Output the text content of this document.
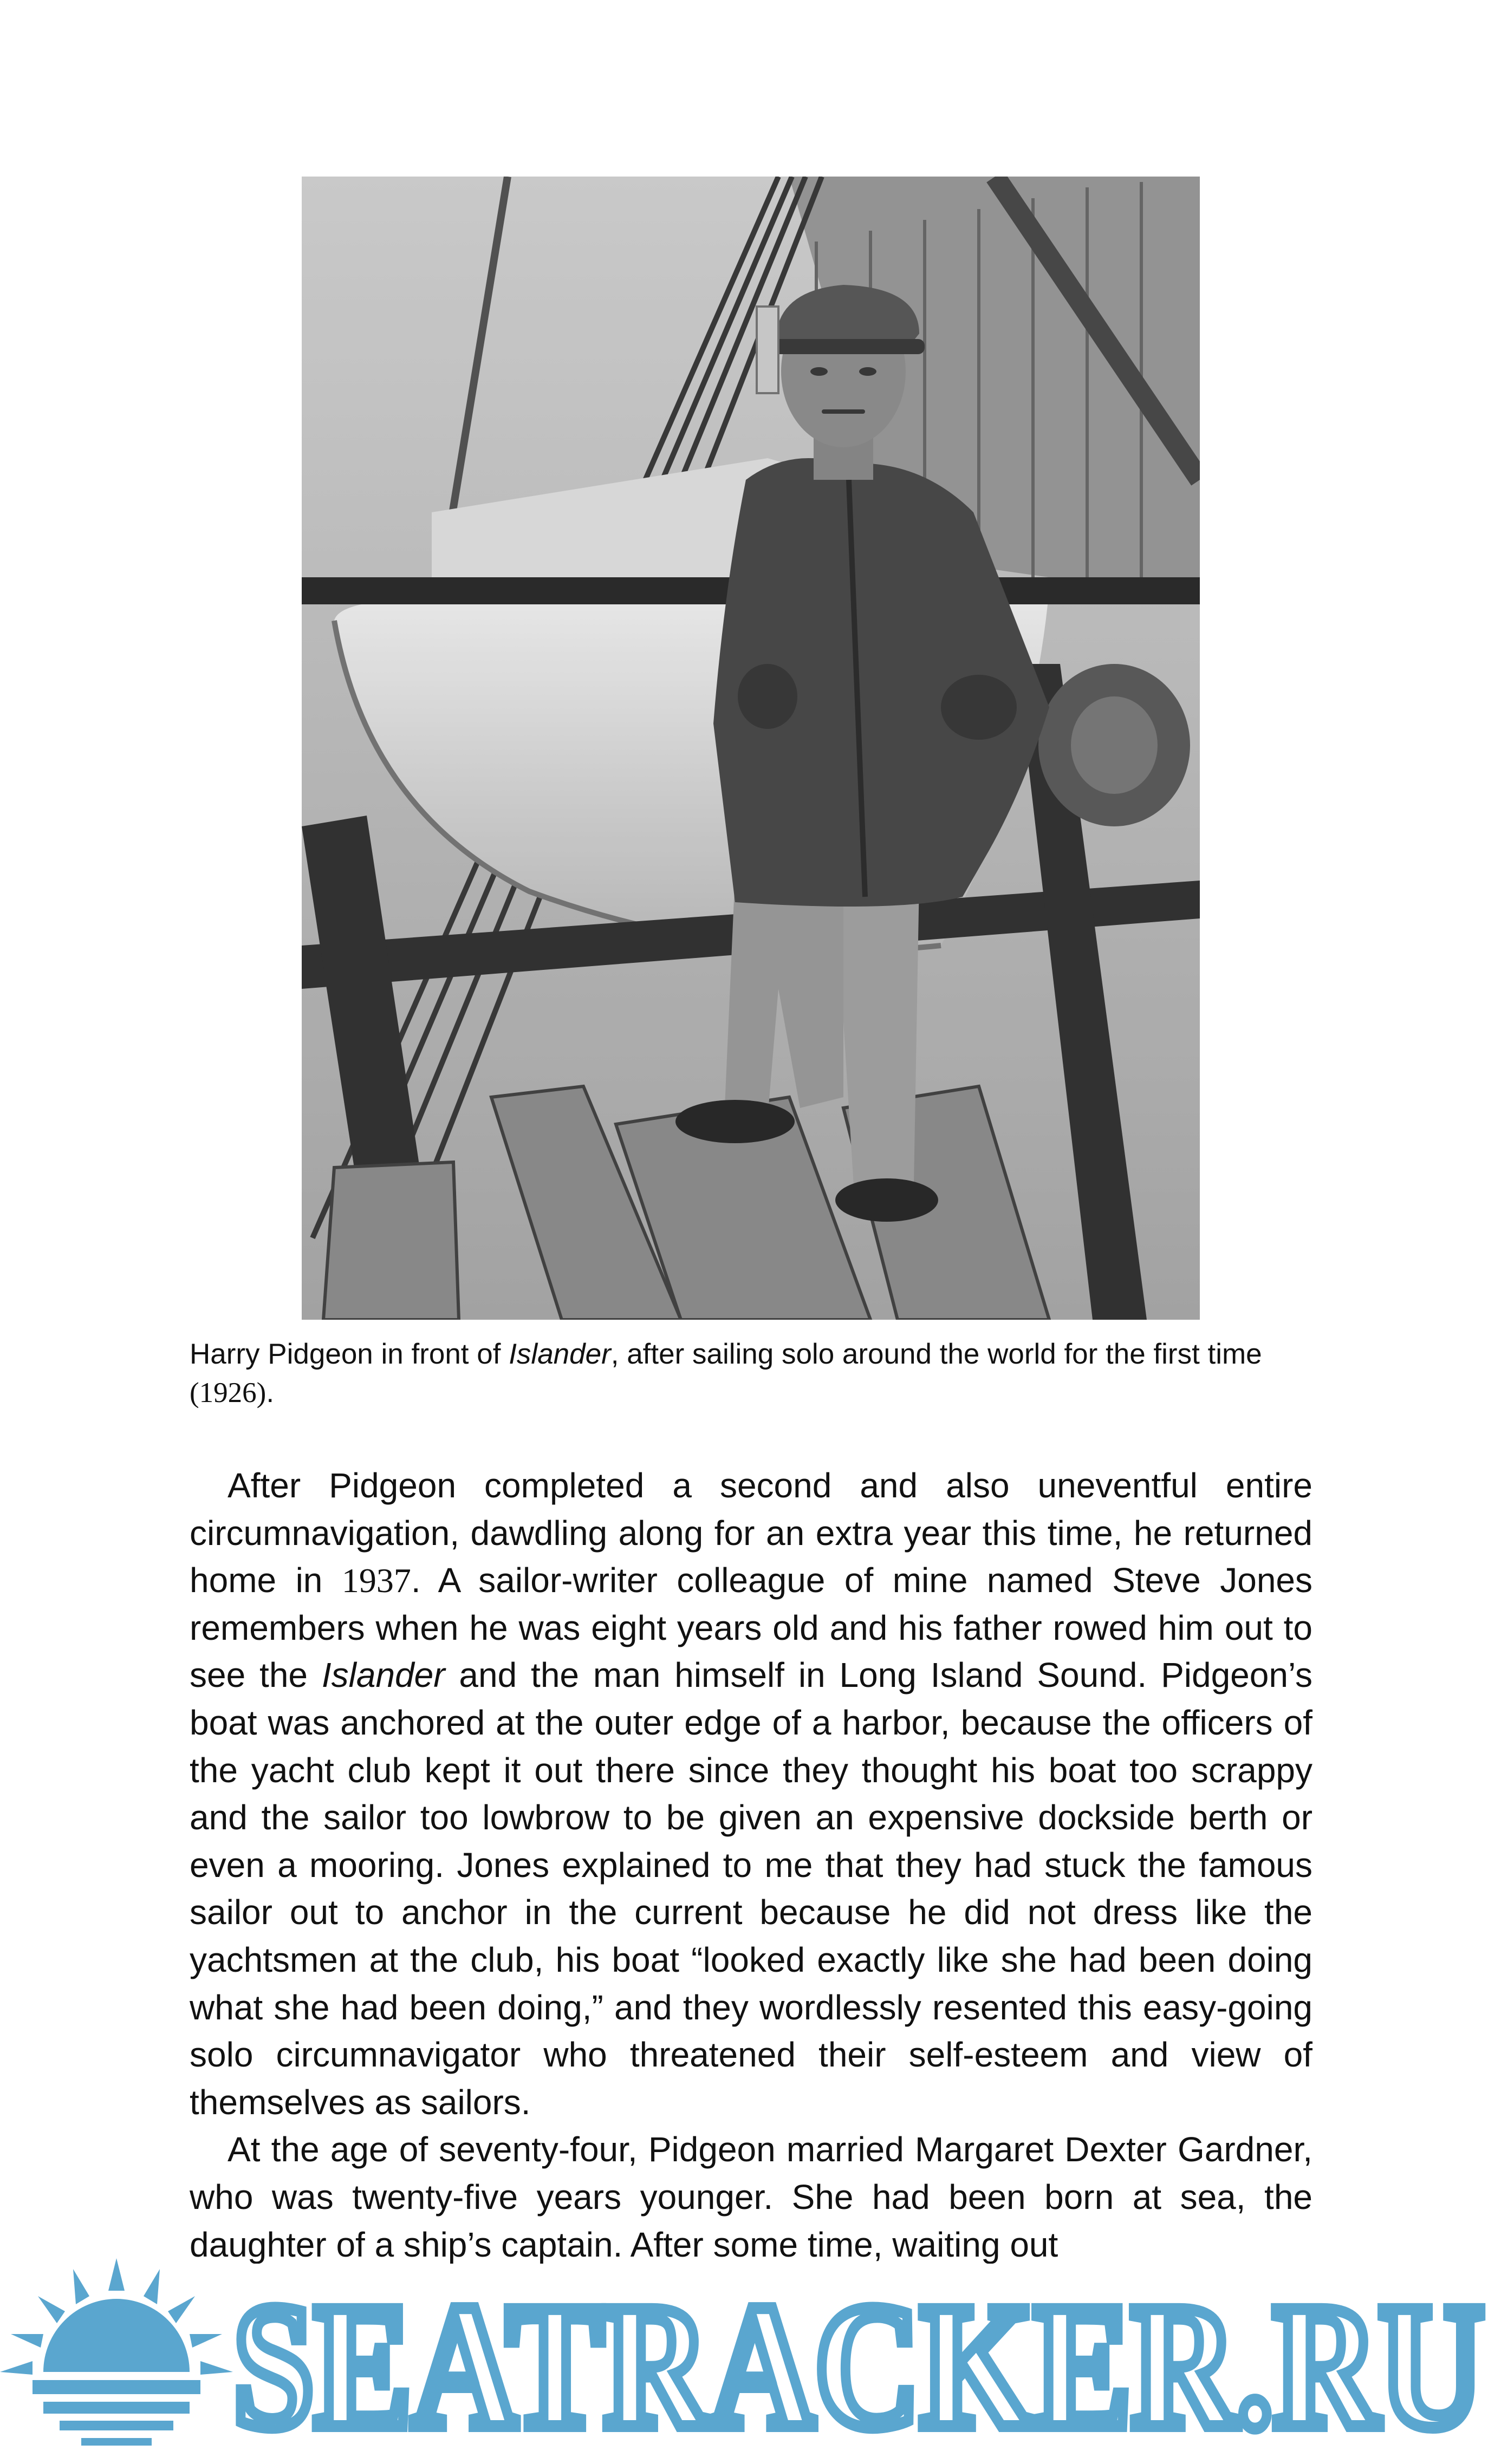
Harry Pidgeon in front of Islander, after sailing solo around the world for the first time (1926).

After Pidgeon completed a second and also uneventful entire circumnavigation, dawdling along for an extra year this time, he returned home in 1937. A sailor-writer colleague of mine named Steve Jones remembers when he was eight years old and his father rowed him out to see the Islander and the man himself in Long Island Sound. Pidgeon’s boat was anchored at the outer edge of a harbor, because the officers of the yacht club kept it out there since they thought his boat too scrappy and the sailor too lowbrow to be given an expensive dockside berth or even a mooring. Jones explained to me that they had stuck the famous sailor out to anchor in the current because he did not dress like the yachtsmen at the club, his boat “looked exactly like she had been doing what she had been doing,” and they wordlessly resented this easy-going solo circumnavigator who threatened their self-esteem and view of themselves as sailors.

At the age of seventy-four, Pidgeon married Margaret Dexter Gardner, who was twenty-five years younger. She had been born at sea, the daughter of a ship’s captain. After some time, waiting out

SEATRACKER.RU
